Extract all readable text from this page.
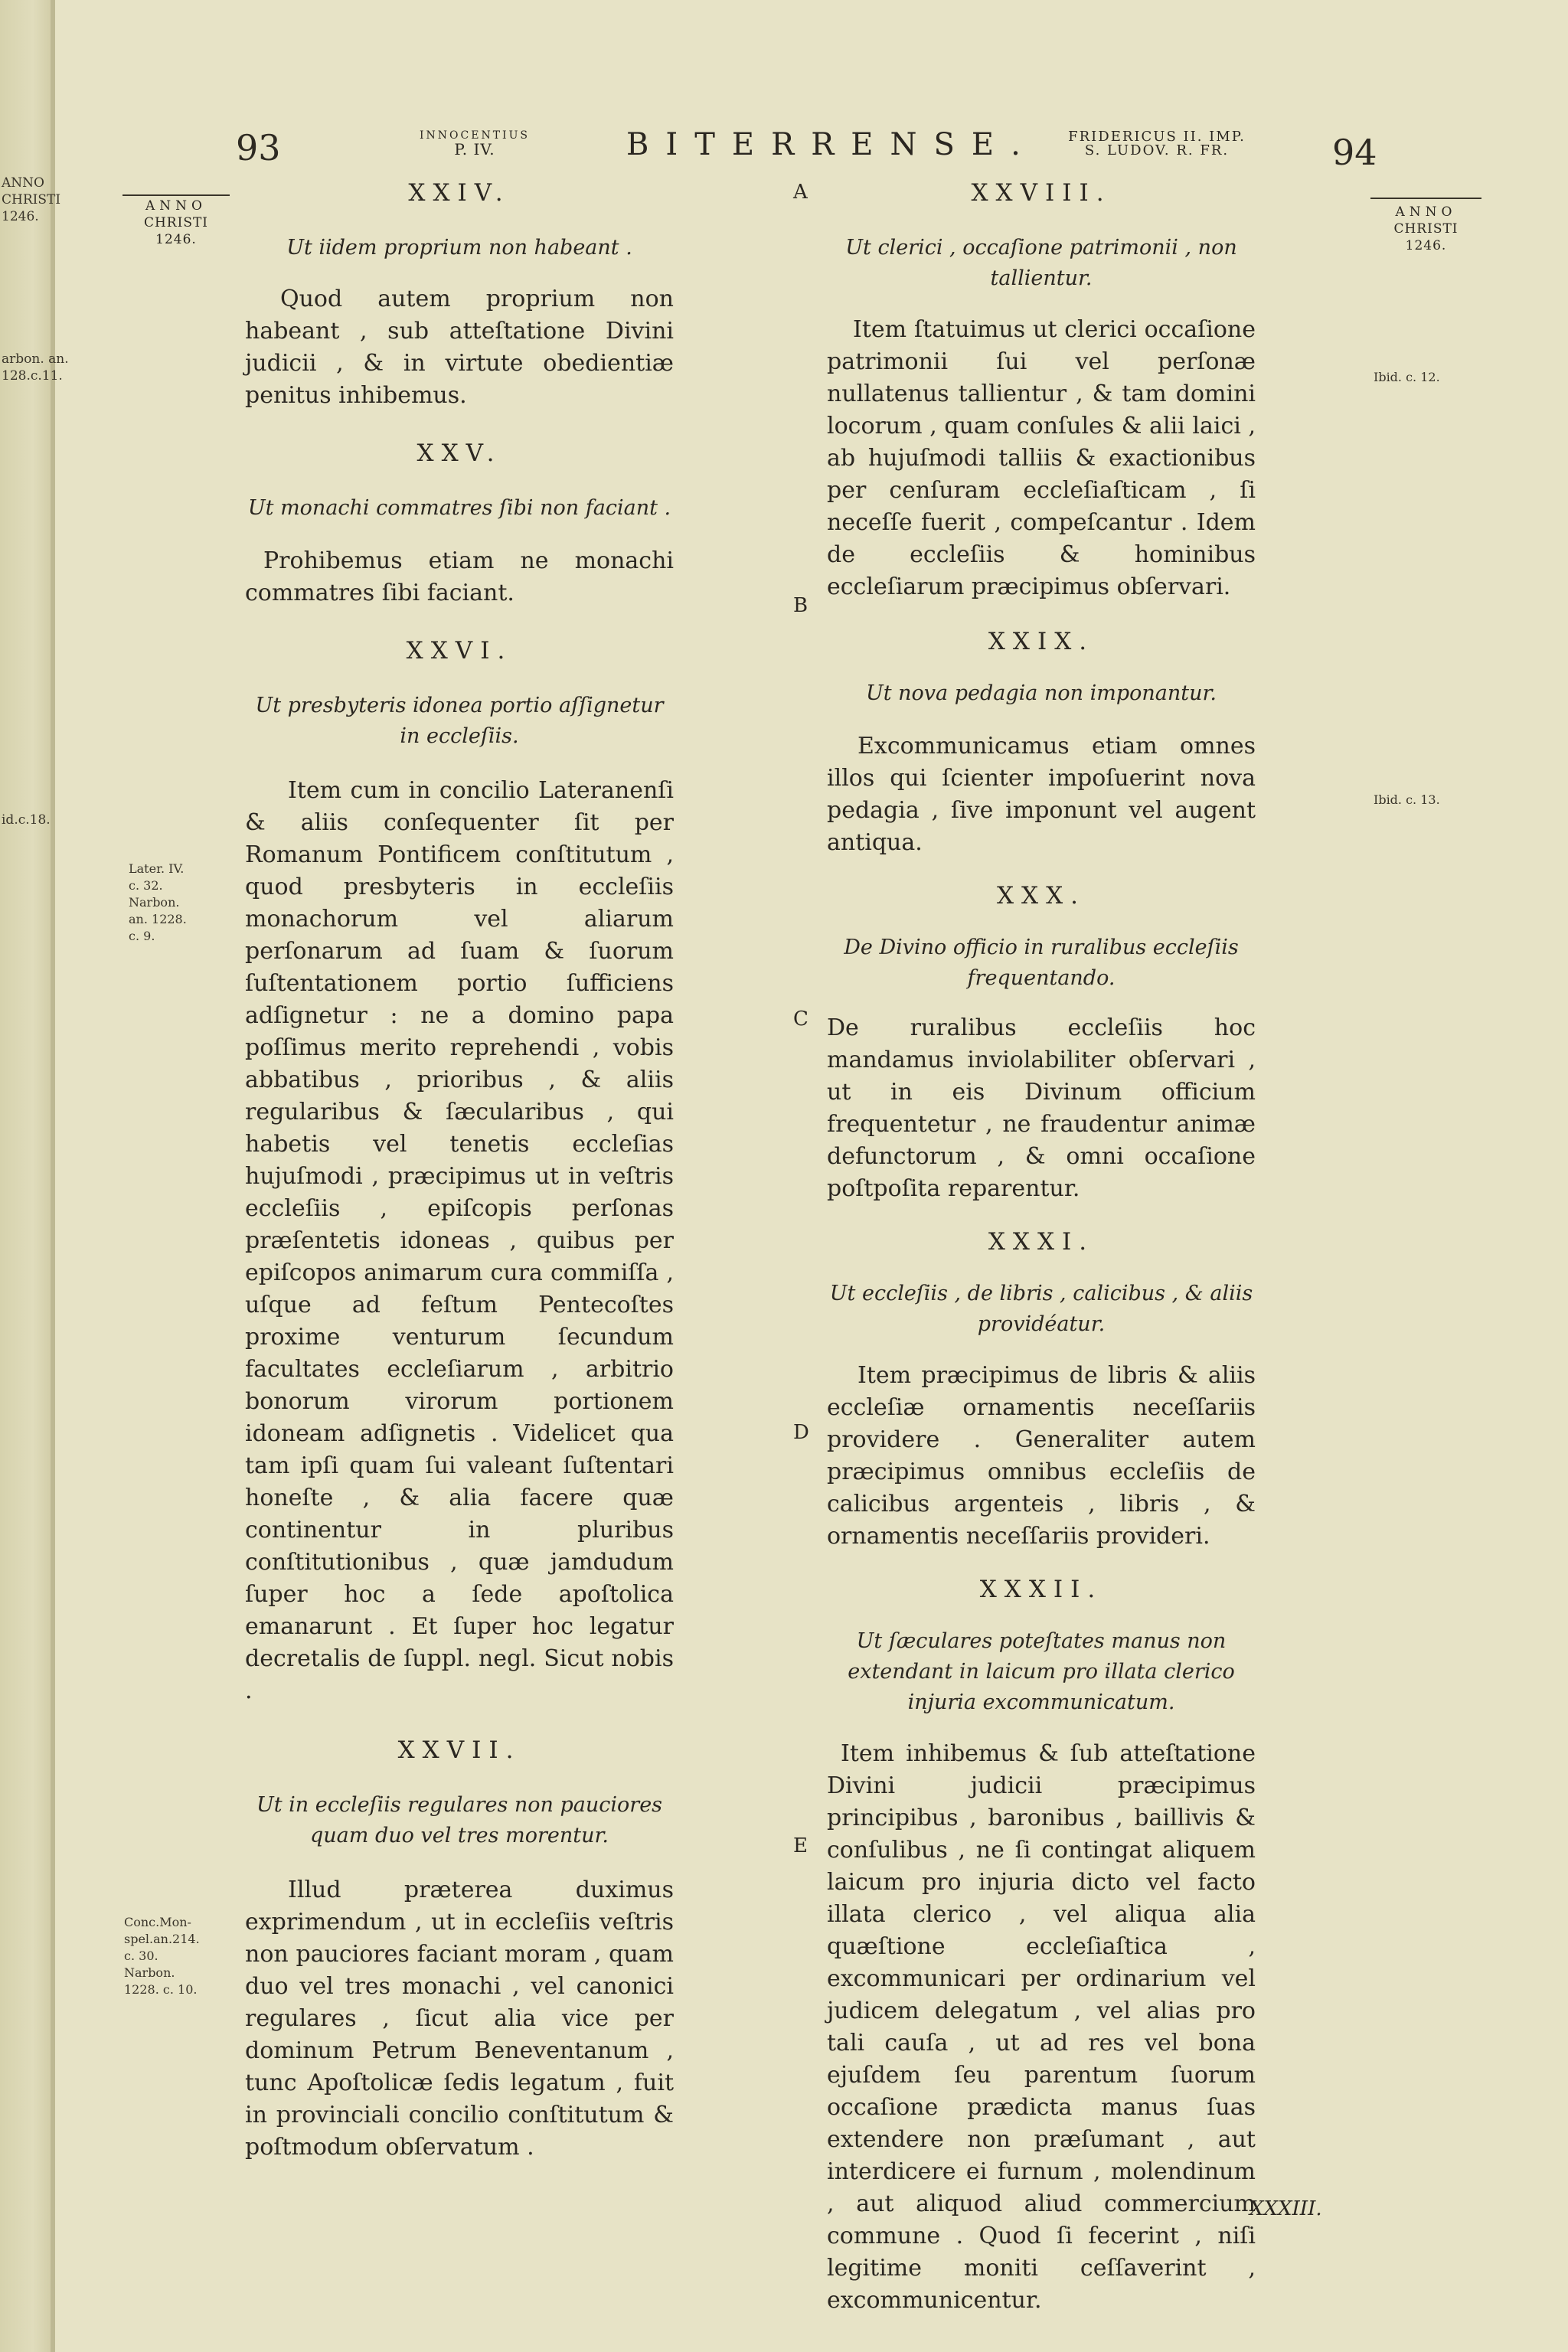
ANNO
CHRISTI
1246.
arbon. an.
128.c.11.
id.c.18.
93	INNOCENTIUS
P. IV.	BITERRENSE.	FRIDERICUS II. IMP.
S. LUDOV. R. FR.	94
ANNO
CHRISTI
1246.
ANNO
CHRISTI
1246.
A
B
C
D
E
Later. IV.
c. 32.
Narbon.
an. 1228.
c. 9.
Conc.Mon-
spel.an.214.
c. 30.
Narbon.
1228. c. 10.
Ibid. c. 12.
Ibid. c. 13.

XXIV.

Ut iidem proprium non habeant .

Quod autem proprium non habeant , sub atteſtatione Divini judicii , & in virtute obedientiæ penitus inhibemus.

XXV.

Ut monachi commatres ſibi non faciant .

Prohibemus etiam ne monachi commatres ſibi faciant.

XXVI.

Ut presbyteris idonea portio aſſignetur in eccleſiis.

Item cum in concilio Lateranenſi & aliis conſequenter ſit per Romanum Pontificem conſtitutum , quod presbyteris in eccleſiis monachorum vel aliarum perſonarum ad ſuam & ſuorum ſuſtentationem portio ſufficiens adſignetur : ne a domino papa poſſimus merito reprehendi , vobis abbatibus , prioribus , & aliis regularibus & ſæcularibus , qui habetis vel tenetis eccleſias hujuſmodi , præcipimus ut in veſtris eccleſiis , epiſcopis perſonas præſentetis idoneas , quibus per epiſcopos animarum cura commiſſa , uſque ad feſtum Pentecoſtes proxime venturum ſecundum facultates eccleſiarum , arbitrio bonorum virorum portionem idoneam adſignetis . Videlicet qua tam ipſi quam ſui valeant ſuſtentari honeſte , & alia facere quæ continentur in pluribus conſtitutionibus , quæ jamdudum ſuper hoc a ſede apoſtolica emanarunt . Et ſuper hoc legatur decretalis de ſuppl. negl. Sicut nobis .

XXVII.

Ut in eccleſiis regulares non pauciores quam duo vel tres morentur.

Illud præterea duximus exprimendum , ut in eccleſiis veſtris non pauciores faciant moram , quam duo vel tres monachi , vel canonici regulares , ſicut alia vice per dominum Petrum Beneventanum , tunc Apoſtolicæ ſedis legatum , fuit in provinciali concilio conſtitutum & poſtmodum obſervatum .

XXVIII.

Ut clerici , occaſione patrimonii , non tallientur.

Item ſtatuimus ut clerici occaſione patrimonii ſui vel perſonæ nullatenus tallientur , & tam domini locorum , quam conſules & alii laici , ab hujuſmodi talliis & exactionibus per cenſuram eccleſiaſticam , ſi neceſſe fuerit , compeſcantur . Idem de eccleſiis & hominibus eccleſiarum præcipimus obſervari.

XXIX.

Ut nova pedagia non imponantur.

Excommunicamus etiam omnes illos qui ſcienter impoſuerint nova pedagia , ſive imponunt vel augent antiqua.

XXX.

De Divino officio in ruralibus eccleſiis frequentando.

De ruralibus eccleſiis hoc mandamus inviolabiliter obſervari , ut in eis Divinum officium frequentetur , ne fraudentur animæ defunctorum , & omni occaſione poſtpoſita reparentur.

XXXI.

Ut eccleſiis , de libris , calicibus , & aliis providéatur.

Item præcipimus de libris & aliis eccleſiæ ornamentis neceſſariis providere . Generaliter autem præcipimus omnibus eccleſiis de calicibus argenteis , libris , & ornamentis neceſſariis provideri.

XXXII.

Ut ſæculares poteſtates manus non extendant in laicum pro illata clerico injuria excommunicatum.

Item inhibemus & ſub atteſtatione Divini judicii præcipimus principibus , baronibus , baillivis & conſulibus , ne ſi contingat aliquem laicum pro injuria dicto vel facto illata clerico , vel aliqua alia quæſtione eccleſiaſtica , excommunicari per ordinarium vel judicem delegatum , vel alias pro tali cauſa , ut ad res vel bona ejuſdem ſeu parentum ſuorum occaſione prædicta manus ſuas extendere non præſumant , aut interdicere ei furnum , molendinum , aut aliquod aliud commercium commune . Quod ſi fecerint , niſi legitime moniti ceſſaverint , excommunicentur.

XXXIII.
